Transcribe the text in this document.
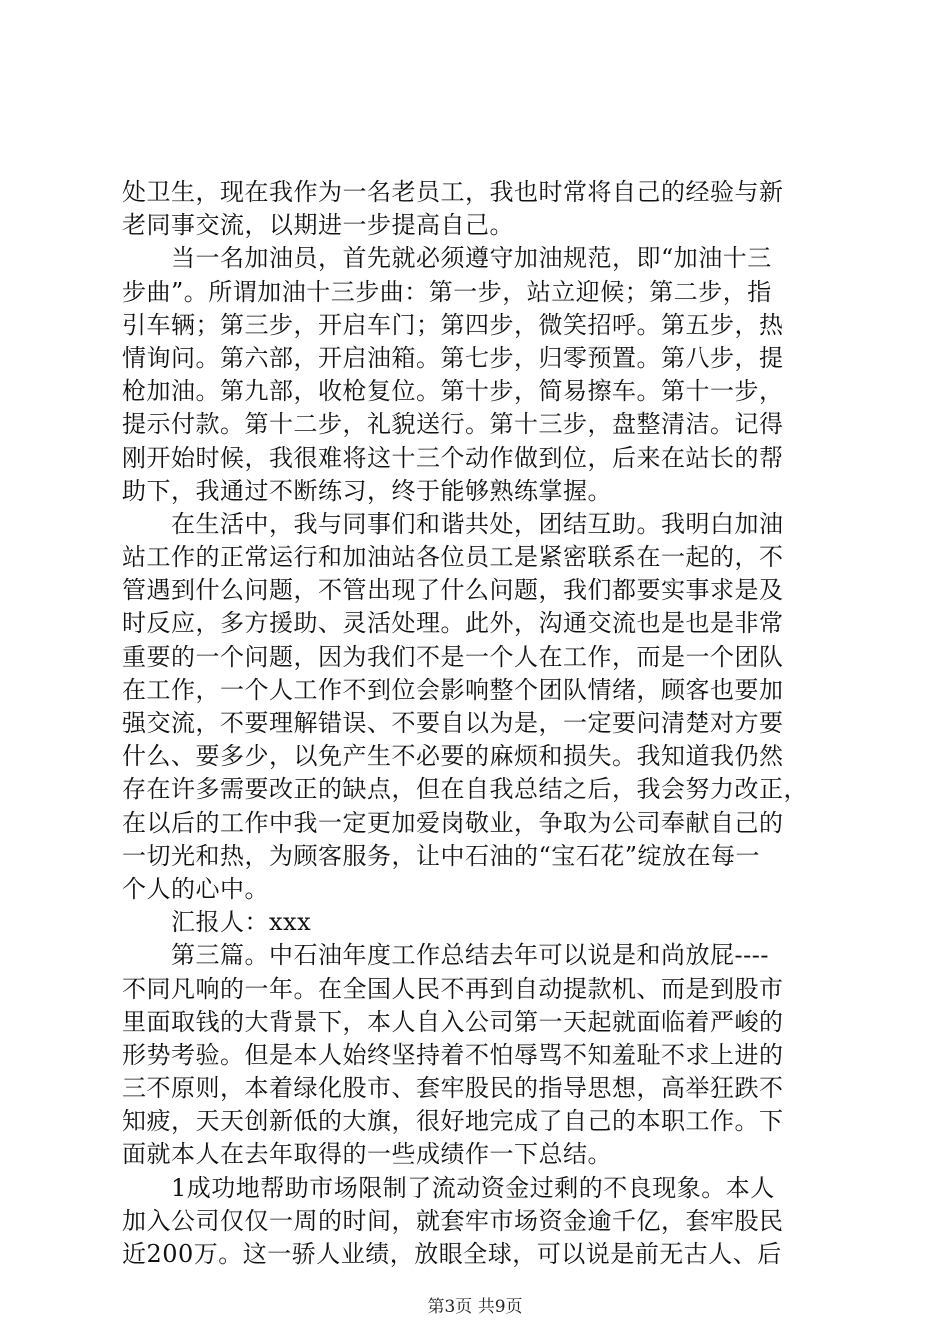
处卫生，现在我作为一名老员工，我也时常将自己的经验与新
老同事交流，以期进一步提高自己。
　　当一名加油员，首先就必须遵守加油规范，即“加油十三
步曲”。所谓加油十三步曲：第一步，站立迎候；第二步，指
引车辆；第三步，开启车门；第四步，微笑招呼。第五步，热
情询问。第六部，开启油箱。第七步，归零预置。第八步，提
枪加油。第九部，收枪复位。第十步，简易擦车。第十一步，
提示付款。第十二步，礼貌送行。第十三步，盘整清洁。记得
刚开始时候，我很难将这十三个动作做到位，后来在站长的帮
助下，我通过不断练习，终于能够熟练掌握。
　　在生活中，我与同事们和谐共处，团结互助。我明白加油
站工作的正常运行和加油站各位员工是紧密联系在一起的，不
管遇到什么问题，不管出现了什么问题，我们都要实事求是及
时反应，多方援助、灵活处理。此外，沟通交流也是也是非常
重要的一个问题，因为我们不是一个人在工作，而是一个团队
在工作，一个人工作不到位会影响整个团队情绪，顾客也要加
强交流，不要理解错误、不要自以为是，一定要问清楚对方要
什么、要多少，以免产生不必要的麻烦和损失。我知道我仍然
存在许多需要改正的缺点，但在自我总结之后，我会努力改正，
在以后的工作中我一定更加爱岗敬业，争取为公司奉献自己的
一切光和热，为顾客服务，让中石油的“宝石花”绽放在每一
个人的心中。
　　汇报人：xxx
　　第三篇。中石油年度工作总结去年可以说是和尚放屁----
不同凡响的一年。在全国人民不再到自动提款机、而是到股市
里面取钱的大背景下，本人自入公司第一天起就面临着严峻的
形势考验。但是本人始终坚持着不怕辱骂不知羞耻不求上进的
三不原则，本着绿化股市、套牢股民的指导思想，高举狂跌不
知疲，天天创新低的大旗，很好地完成了自己的本职工作。下
面就本人在去年取得的一些成绩作一下总结。
　　1成功地帮助市场限制了流动资金过剩的不良现象。本人
加入公司仅仅一周的时间，就套牢市场资金逾千亿，套牢股民
近200万。这一骄人业绩，放眼全球，可以说是前无古人、后
第3页 共9页
